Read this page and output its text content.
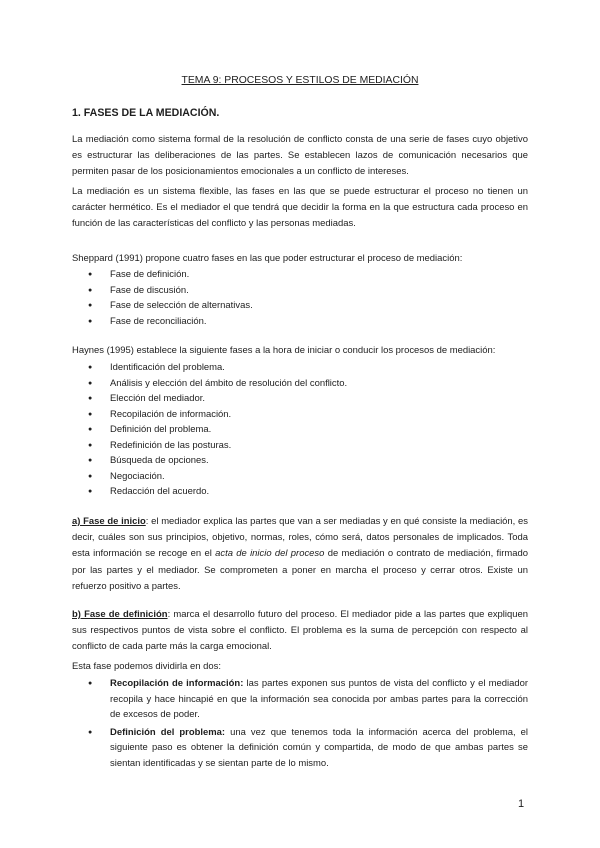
TEMA 9: PROCESOS Y ESTILOS DE MEDIACIÓN
1. FASES DE LA MEDIACIÓN.

La mediación como sistema formal de la resolución de conflicto consta de una serie de fases cuyo objetivo es estructurar las deliberaciones de las partes. Se establecen lazos de comunicación necesarios que permiten pasar de los posicionamientos emocionales a un conflicto de intereses.

La mediación es un sistema flexible, las fases en las que se puede estructurar el proceso no tienen un carácter hermético. Es el mediador el que tendrá que decidir la forma en la que estructura cada proceso en función de las características del conflicto y las personas mediadas.

Sheppard (1991) propone cuatro fases en las que poder estructurar el proceso de mediación:

● Fase de definición.
● Fase de discusión.
● Fase de selección de alternativas.
● Fase de reconciliación.

Haynes (1995) establece la siguiente fases a la hora de iniciar o conducir los procesos de mediación:

● Identificación del problema.
● Análisis y elección del ámbito de resolución del conflicto.
● Elección del mediador.
● Recopilación de información.
● Definición del problema.
● Redefinición de las posturas.
● Búsqueda de opciones.
● Negociación.
● Redacción del acuerdo.

a) Fase de inicio: el mediador explica las partes que van a ser mediadas y en qué consiste la mediación, es decir, cuáles son sus principios, objetivo, normas, roles, cómo será, datos personales de implicados. Toda esta información se recoge en el acta de inicio del proceso de mediación o contrato de mediación, firmado por las partes y el mediador. Se comprometen a poner en marcha el proceso y cerrar otros. Existe un refuerzo positivo a partes.

b) Fase de definición: marca el desarrollo futuro del proceso. El mediador pide a las partes que expliquen sus respectivos puntos de vista sobre el conflicto. El problema es la suma de percepción con respecto al conflicto de cada parte más la carga emocional.

Esta fase podemos dividirla en dos:

● Recopilación de información: las partes exponen sus puntos de vista del conflicto y el mediador recopila y hace hincapié en que la información sea conocida por ambas partes para la corrección de excesos de poder.
● Definición del problema: una vez que tenemos toda la información acerca del problema, el siguiente paso es obtener la definición común y compartida, de modo de que ambas partes se sientan identificadas y se sientan parte de lo mismo.
1
